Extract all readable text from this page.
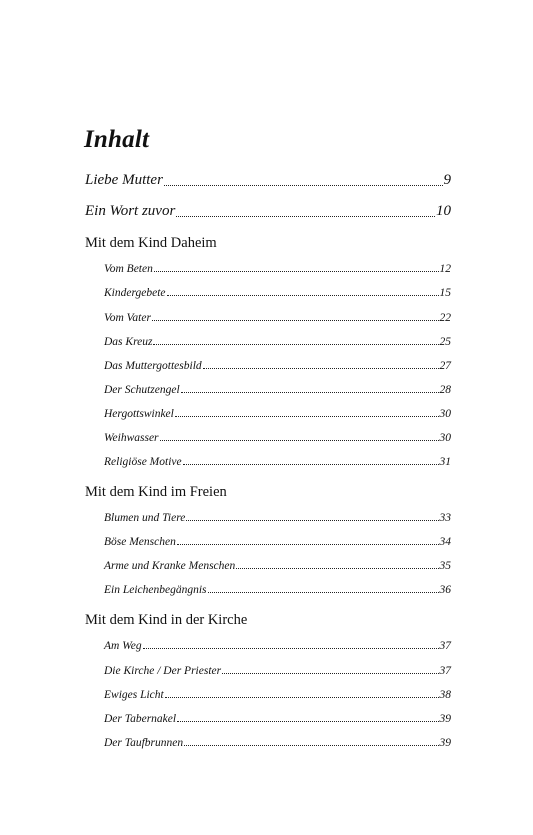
Inhalt
Liebe Mutter	9
Ein Wort zuvor	10
Mit dem Kind Daheim
Vom Beten	12
Kindergebete	15
Vom Vater	22
Das Kreuz	25
Das Muttergottesbild	27
Der Schutzengel	28
Hergottswinkel	30
Weihwasser	30
Religiöse Motive	31
Mit dem Kind im Freien
Blumen und Tiere	33
Böse Menschen	34
Arme und Kranke Menschen	35
Ein Leichenbegängnis	36
Mit dem Kind in der Kirche
Am Weg	37
Die Kirche / Der Priester	37
Ewiges Licht	38
Der Tabernakel	39
Der Taufbrunnen	39
